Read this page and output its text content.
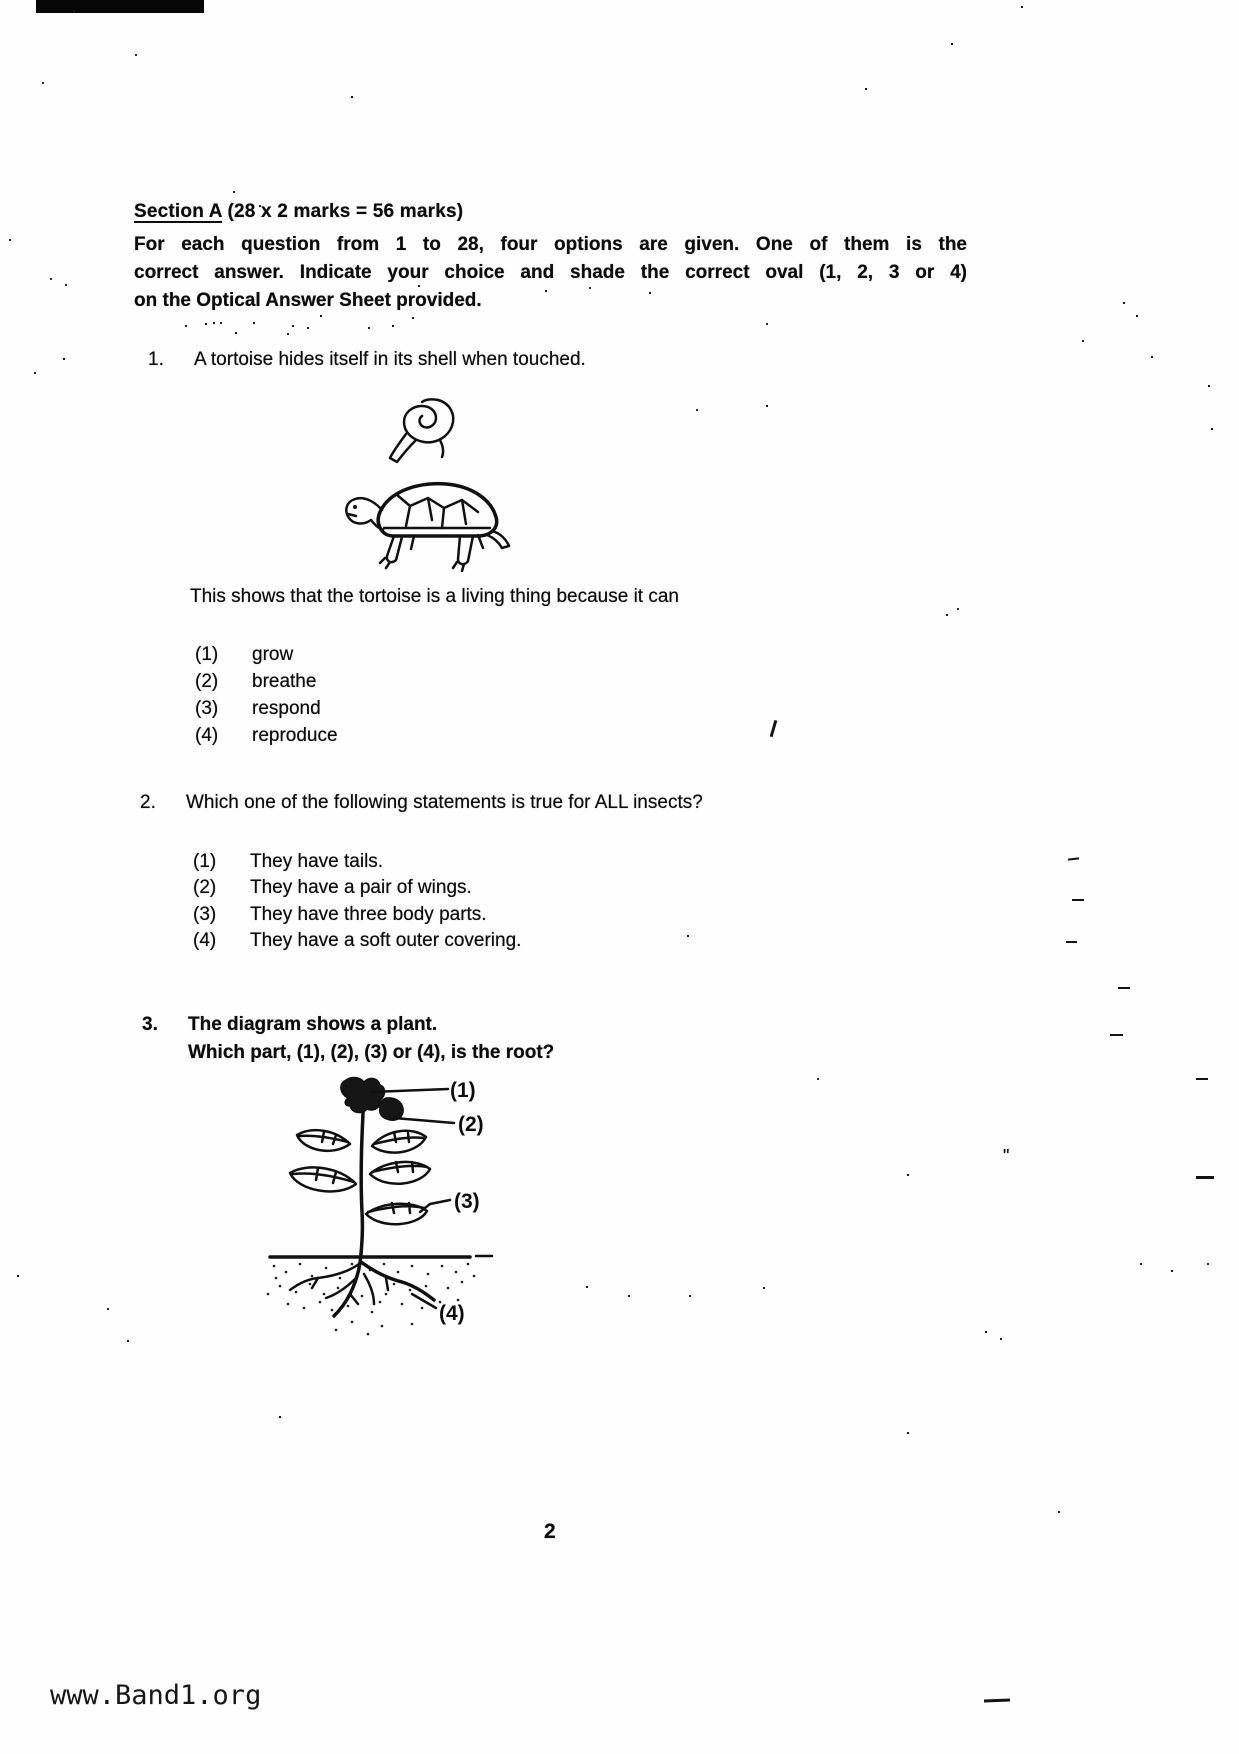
Section A (28 x 2 marks = 56 marks)
For each question from 1 to 28, four options are given. One of them is the
correct answer. Indicate your choice and shade the correct oval (1, 2, 3 or 4)
on the Optical Answer Sheet provided.
1. A tortoise hides itself in its shell when touched.
This shows that the tortoise is a living thing because it can
(1) grow
(2) breathe
(3) respond
(4) reproduce
2. Which one of the following statements is true for ALL insects?
(1) They have tails.
(2) They have a pair of wings.
(3) They have three body parts.
(4) They have a soft outer covering.
3. The diagram shows a plant.
Which part, (1), (2), (3) or (4), is the root?
(1)
(2)
(3)
(4)
"
2
www.Band1.org
